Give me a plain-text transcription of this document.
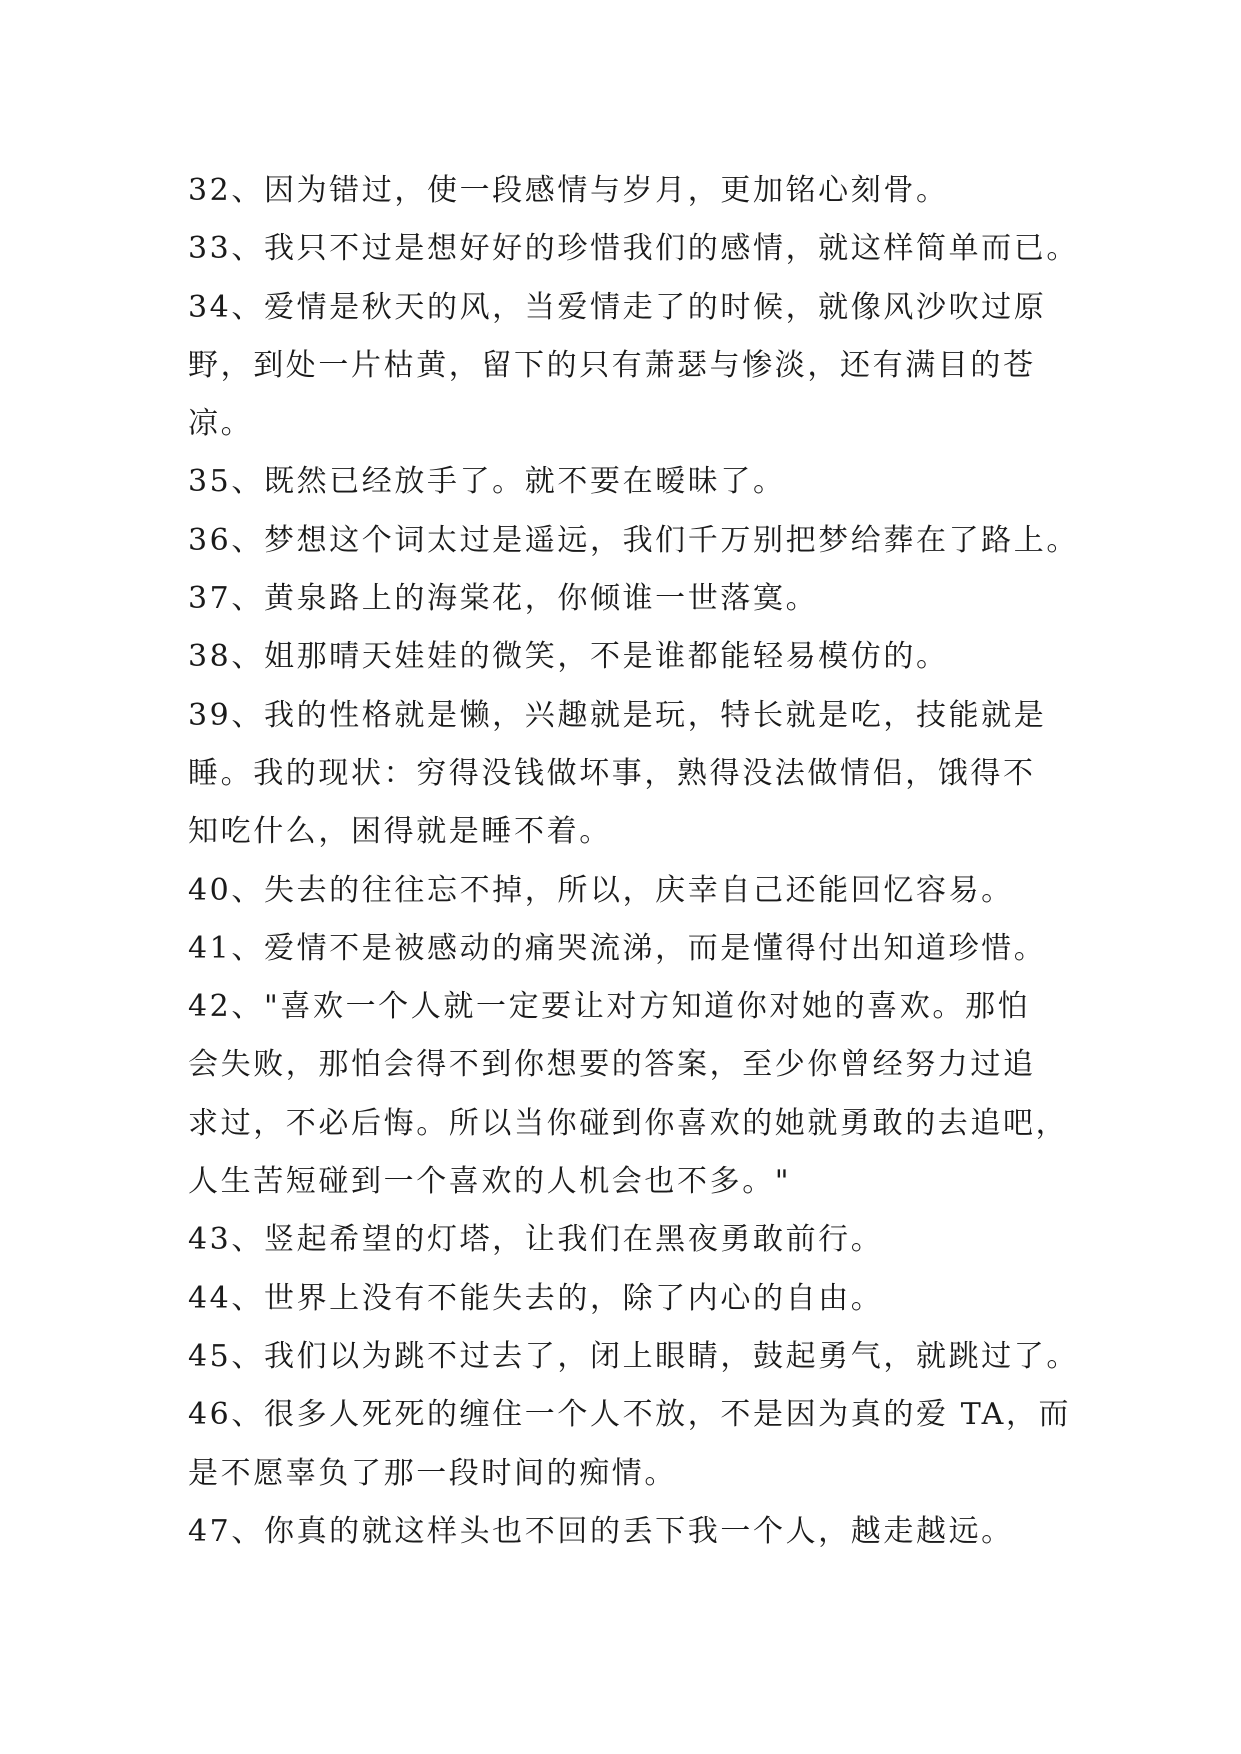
32、因为错过，使一段感情与岁月，更加铭心刻骨。
33、我只不过是想好好的珍惜我们的感情，就这样简单而已。
34、爱情是秋天的风，当爱情走了的时候，就像风沙吹过原
野，到处一片枯黄，留下的只有萧瑟与惨淡，还有满目的苍
凉。
35、既然已经放手了。就不要在暧昧了。
36、梦想这个词太过是遥远，我们千万别把梦给葬在了路上。
37、黄泉路上的海棠花，你倾谁一世落寞。
38、姐那晴天娃娃的微笑，不是谁都能轻易模仿的。
39、我的性格就是懒，兴趣就是玩，特长就是吃，技能就是
睡。我的现状：穷得没钱做坏事，熟得没法做情侣，饿得不
知吃什么，困得就是睡不着。
40、失去的往往忘不掉，所以，庆幸自己还能回忆容易。
41、爱情不是被感动的痛哭流涕，而是懂得付出知道珍惜。
42、"喜欢一个人就一定要让对方知道你对她的喜欢。那怕
会失败，那怕会得不到你想要的答案，至少你曾经努力过追
求过，不必后悔。所以当你碰到你喜欢的她就勇敢的去追吧，
人生苦短碰到一个喜欢的人机会也不多。"
43、竖起希望的灯塔，让我们在黑夜勇敢前行。
44、世界上没有不能失去的，除了内心的自由。
45、我们以为跳不过去了，闭上眼睛，鼓起勇气，就跳过了。
46、很多人死死的缠住一个人不放，不是因为真的爱 TA，而
是不愿辜负了那一段时间的痴情。
47、你真的就这样头也不回的丢下我一个人，越走越远。
